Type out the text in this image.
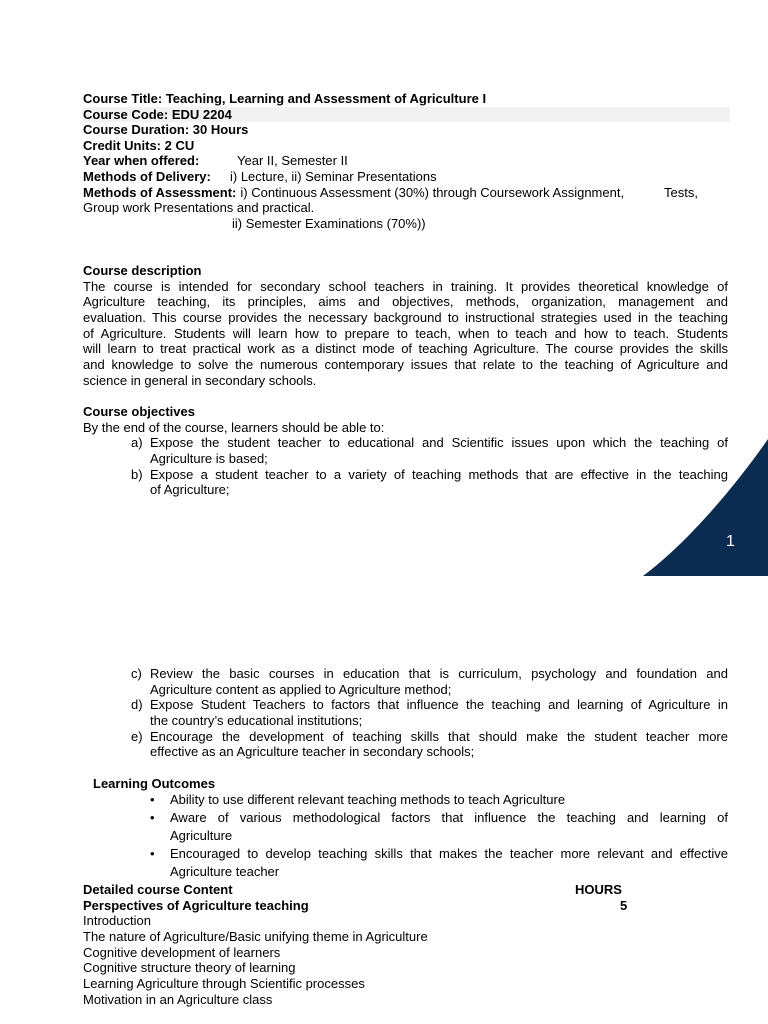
Course Title: Teaching, Learning and Assessment of Agriculture I
Course Code: EDU 2204
Course Duration: 30 Hours
Credit Units: 2 CU
Year when offered:	Year II, Semester II
Methods of Delivery: i) Lecture, ii) Seminar Presentations
Methods of Assessment: i) Continuous Assessment (30%) through Coursework Assignment,	Tests,
Group work Presentations and practical.
ii) Semester Examinations (70%))
Course description
The course is intended for secondary school teachers in training. It provides theoretical knowledge of
Agriculture teaching, its principles, aims and objectives, methods, organization, management and
evaluation. This course provides the necessary background to instructional strategies used in the teaching
of Agriculture. Students will learn how to prepare to teach, when to teach and how to teach. Students
will learn to treat practical work as a distinct mode of teaching Agriculture. The course provides the skills
and knowledge to solve the numerous contemporary issues that relate to the teaching of Agriculture and
science in general in secondary schools.
Course objectives
By the end of the course, learners should be able to:
a) Expose the student teacher to educational and Scientific issues upon which the teaching of
Agriculture is based;
b) Expose a student teacher to a variety of teaching methods that are effective in the teaching
of Agriculture;
1
c) Review the basic courses in education that is curriculum, psychology and foundation and
Agriculture content as applied to Agriculture method;
d) Expose Student Teachers to factors that influence the teaching and learning of Agriculture in
the country’s educational institutions;
e) Encourage the development of teaching skills that should make the student teacher more
effective as an Agriculture teacher in secondary schools;
Learning Outcomes
•
Ability to use different relevant teaching methods to teach Agriculture
•
Aware of various methodological factors that influence the teaching and learning of
Agriculture
•
Encouraged to develop teaching skills that makes the teacher more relevant and effective
Agriculture teacher
Detailed course Content	HOURS
Perspectives of Agriculture teaching	5
Introduction
The nature of Agriculture/Basic unifying theme in Agriculture
Cognitive development of learners
Cognitive structure theory of learning
Learning Agriculture through Scientific processes
Motivation in an Agriculture class
